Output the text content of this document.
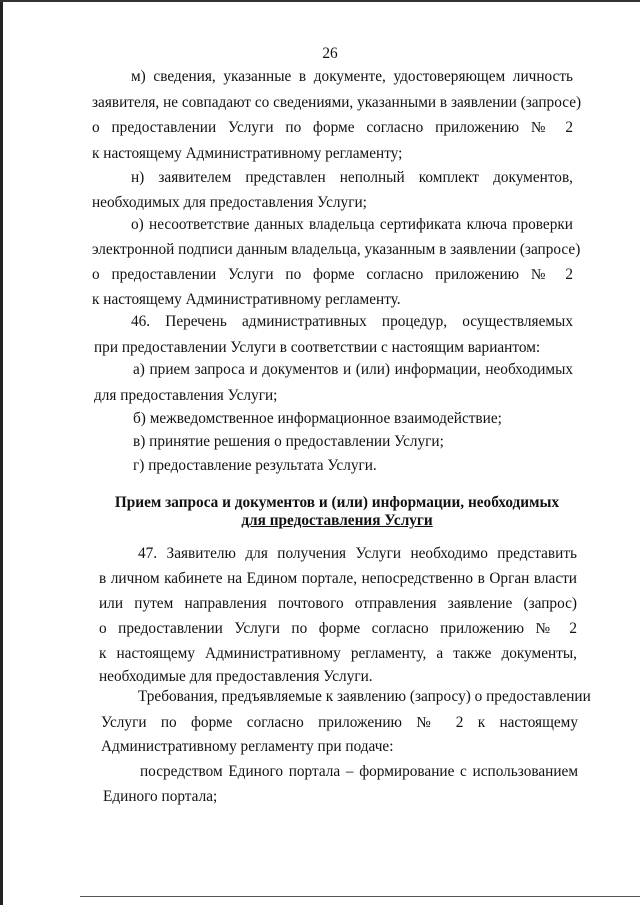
26
м) сведения, указанные в документе, удостоверяющем личность
заявителя, не совпадают со сведениями, указанными в заявлении (запросе)
о предоставлении Услуги по форме согласно приложению № 2
к настоящему Административному регламенту;
н) заявителем представлен неполный комплект документов,
необходимых для предоставления Услуги;
о) несоответствие данных владельца сертификата ключа проверки
электронной подписи данным владельца, указанным в заявлении (запросе)
о предоставлении Услуги по форме согласно приложению № 2
к настоящему Административному регламенту.
46. Перечень административных процедур, осуществляемых
при предоставлении Услуги в соответствии с настоящим вариантом:
а) прием запроса и документов и (или) информации, необходимых
для предоставления Услуги;
б) межведомственное информационное взаимодействие;
в) принятие решения о предоставлении Услуги;
г) предоставление результата Услуги.
Прием запроса и документов и (или) информации, необходимых
для предоставления Услуги
47. Заявителю для получения Услуги необходимо представить
в личном кабинете на Едином портале, непосредственно в Орган власти
или путем направления почтового отправления заявление (запрос)
о предоставлении Услуги по форме согласно приложению № 2
к настоящему Административному регламенту, а также документы,
необходимые для предоставления Услуги.
Требования, предъявляемые к заявлению (запросу) о предоставлении
Услуги по форме согласно приложению № 2 к настоящему
Административному регламенту при подаче:
посредством Единого портала – формирование с использованием
Единого портала;
